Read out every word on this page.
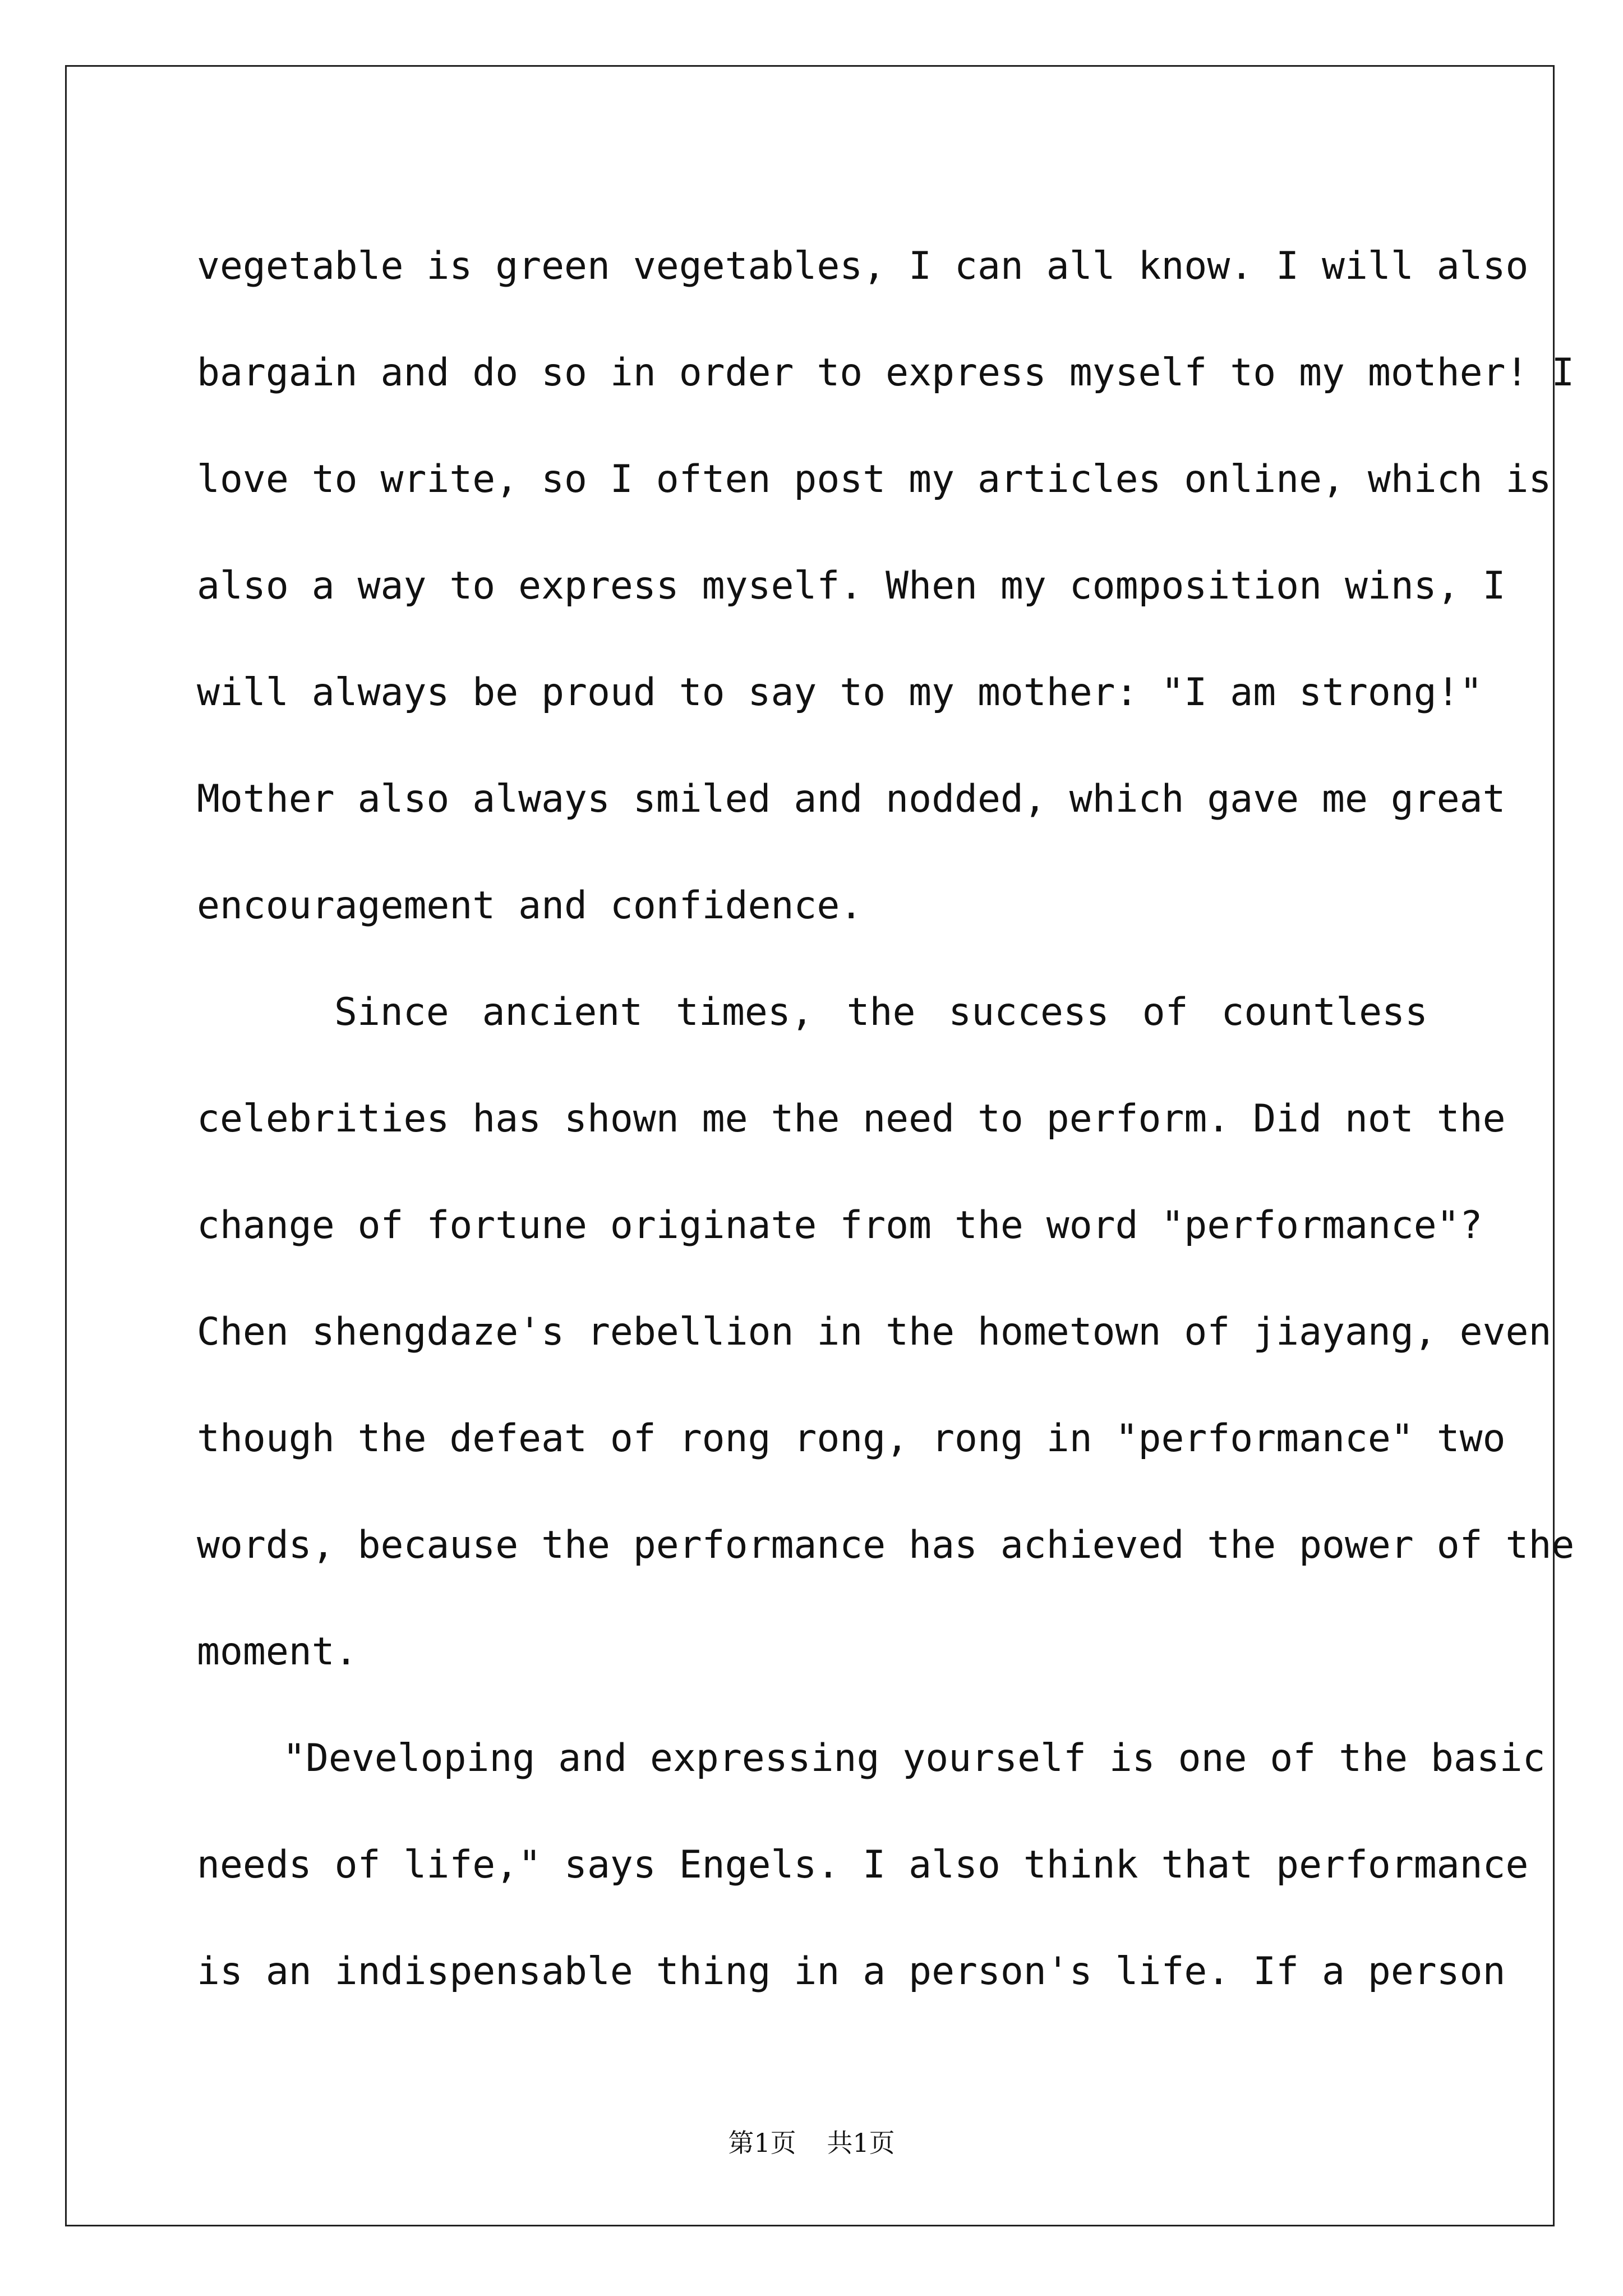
vegetable is green vegetables, I can all know. I will also
bargain and do so in order to express myself to my mother! I
love to write, so I often post my articles online, which is
also a way to express myself. When my composition wins, I
will always be proud to say to my mother: "I am strong!"
Mother also always smiled and nodded, which gave me great
encouragement and confidence.
Since ancient times, the success of countless
celebrities has shown me the need to perform. Did not the
change of fortune originate from the word "performance"?
Chen shengdaze's rebellion in the hometown of jiayang, even
though the defeat of rong rong, rong in "performance" two
words, because the performance has achieved the power of the
moment.
"Developing and expressing yourself is one of the basic
needs of life," says Engels. I also think that performance
is an indispensable thing in a person's life. If a person
第1页 共1页
